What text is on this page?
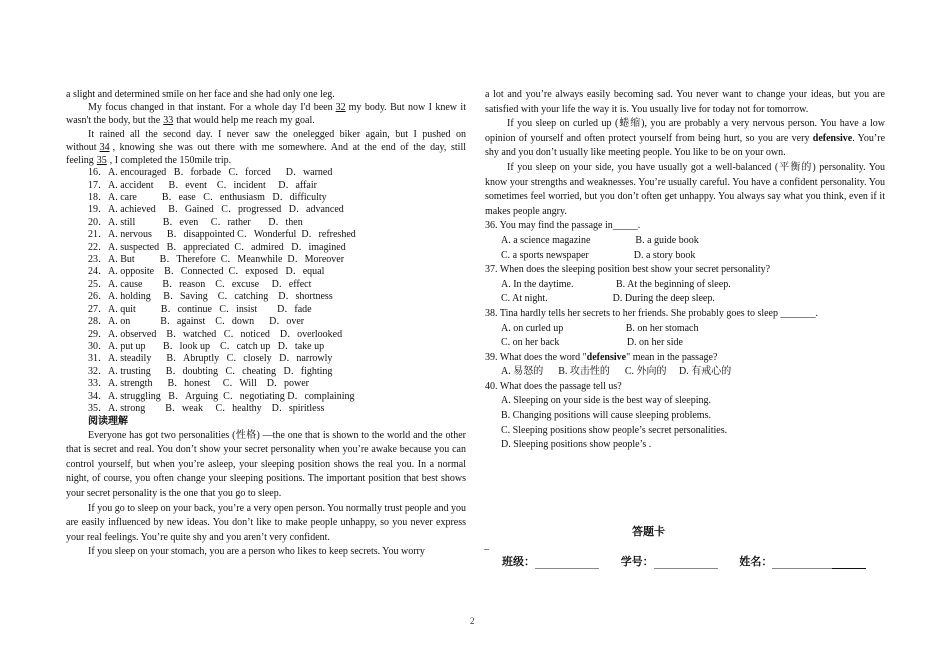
a slight and determined smile on her face and she had only one leg.

My focus changed in that instant. For a whole day I'd been 32 my body. But now I knew it wasn't the body, but the 33 that would help me reach my goal.

It rained all the second day. I never saw the onelegged biker again, but I pushed on without 34 , knowing she was out there with me somewhere. And at the end of the day, still feeling 35 , I completed the 150mile trip.

16．A. encouraged   B．forbade   C．forced      D．warned

17．A. accident      B．event    C．incident     D．affair

18．A. care          B．ease   C．enthusiasm   D．difficulty

19．A. achieved     B．Gained   C．progressed   D．advanced

20．A. still           B．even     C．rather       D．then

21．A. nervous      B．disappointed C．Wonderful  D．refreshed

22．A. suspected   B．appreciated  C．admired   D．imagined

23．A. But          B．Therefore  C．Meanwhile  D．Moreover

24．A. opposite    B．Connected  C．exposed   D．equal

25．A. cause        B．reason    C．excuse     D．effect

26．A. holding     B．Saving    C．catching    D．shortness

27．A. quit          B．continue   C．insist        D．fade

28．A. on            B．against    C．down      D．over

29．A. observed    B．watched   C．noticed    D．overlooked

30．A. put up       B．look up    C．catch up   D．take up

31．A. steadily      B．Abruptly   C．closely   D．narrowly

32．A. trusting      B．doubting   C．cheating   D．fighting

33．A. strength      B．honest     C．Will    D．power

34．A. struggling   B．Arguing  C．negotiating D．complaining

35．A. strong        B．weak     C．healthy    D．spiritless

阅读理解

Everyone has got two personalities (性格) —the one that is shown to the world and the other that is secret and real. You don’t show your secret personality when you’re awake because you can control yourself, but when you’re asleep, your sleeping position shows the real you. In a normal night, of course, you often change your sleeping positions. The important position that best shows your secret personality is the one that you go to sleep.

If you go to sleep on your back, you’re a very open person. You normally trust people and you are easily influenced by new ideas. You don’t like to make people unhappy, so you never express your real feelings. You’re quite shy and you aren’t very confident.

If you sleep on your stomach, you are a person who likes to keep secrets. You worry

a lot and you’re always easily becoming sad. You never want to change your ideas, but you are satisfied with your life the way it is. You usually live for today not for tomorrow.

If you sleep on curled up (蜷缩), you are probably a very nervous person. You have a low opinion of yourself and often protect yourself from being hurt, so you are very defensive. You’re shy and you don’t usually like meeting people. You like to be on your own.

If you sleep on your side, you have usually got a well-balanced (平衡的) personality. You know your strengths and weaknesses. You’re usually careful. You have a confident personality. You sometimes feel worried, but you don’t often get unhappy. You always say what you think, even if it makes people angry.

36. You may find the passage in_____.

A. a science magazine                  B. a guide book

C. a sports newspaper                  D. a story book

37. When does the sleeping position best show your secret personality?

A. In the daytime.                 B. At the beginning of sleep.

C. At night.                          D. During the deep sleep.

38. Tina hardly tells her secrets to her friends. She probably goes to sleep _______.

A. on curled up                         B. on her stomach

C. on her back                           D. on her side

39. What does the word "defensive" mean in the passage?

A. 易怒的      B. 攻击性的      C. 外向的     D. 有戒心的

40. What does the passage tell us?

A. Sleeping on your side is the best way of sleeping.

B. Changing positions will cause sleeping problems.

C. Sleeping positions show people’s secret personalities.

D. Sleeping positions show people’s .

答题卡
–
班级：	学号：	姓名：
2
